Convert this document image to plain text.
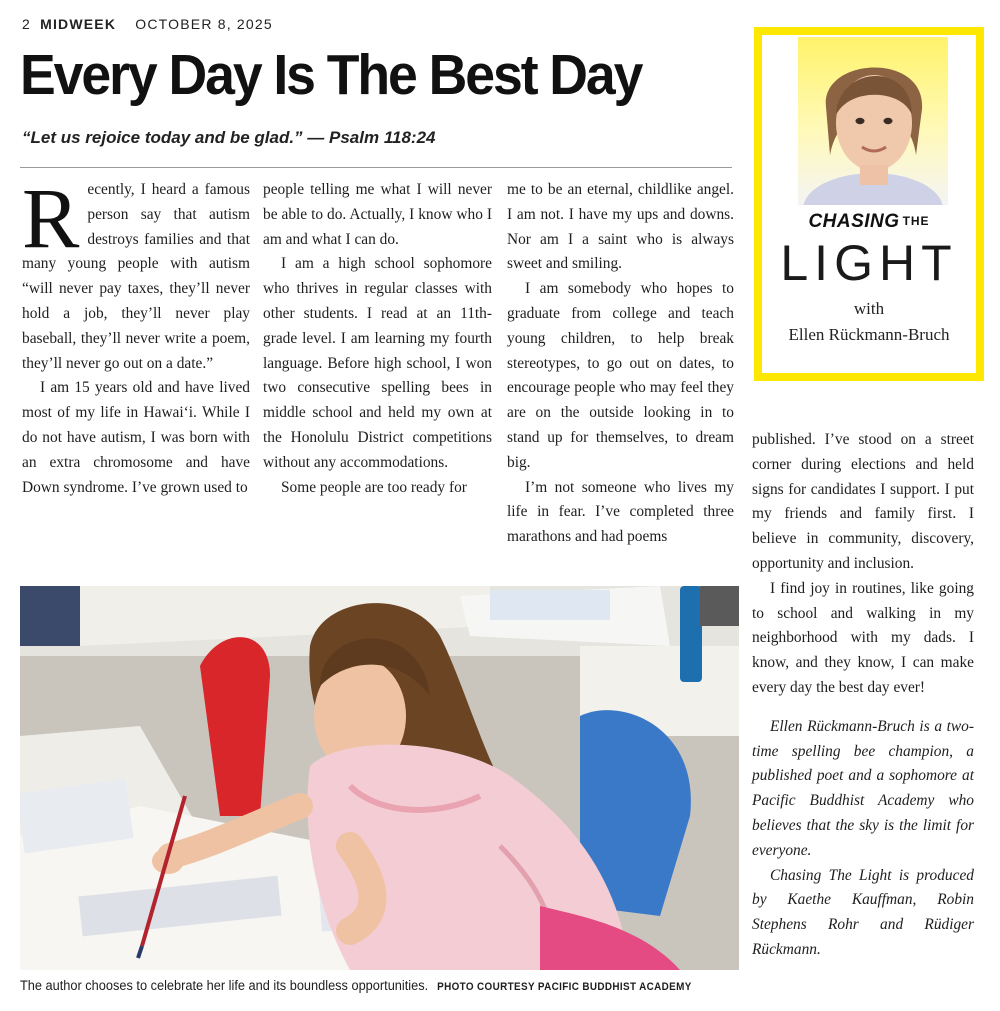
2 MIDWEEK OCTOBER 8, 2025
Every Day Is The Best Day
“Let us rejoice today and be glad.” — Psalm 118:24

Recently, I heard a famous person say that autism destroys families and that many young people with autism “will never pay taxes, they’ll never hold a job, they’ll never play baseball, they’ll never write a poem, they’ll never go out on a date.”

I am 15 years old and have lived most of my life in Hawai‘i. While I do not have autism, I was born with an extra chromosome and have Down syndrome. I’ve grown used to

people telling me what I will never be able to do. Actually, I know who I am and what I can do.

I am a high school sophomore who thrives in regular classes with other students. I read at an 11th-grade level. I am learning my fourth language. Before high school, I won two consecutive spelling bees in middle school and held my own at the Honolulu District competitions without any accommodations.

Some people are too ready for

me to be an eternal, childlike angel. I am not. I have my ups and downs. Nor am I a saint who is always sweet and smiling.

I am somebody who hopes to graduate from college and teach young children, to help break stereotypes, to go out on dates, to encourage people who may feel they are on the outside looking in to stand up for themselves, to dream big.

I’m not someone who lives my life in fear. I’ve completed three marathons and had poems

published. I’ve stood on a street corner during elections and held signs for candidates I support. I put my friends and family first. I believe in community, discovery, opportunity and inclusion.

I find joy in routines, like going to school and walking in my neighborhood with my dads. I know, and they know, I can make every day the best day ever!

Ellen Rückmann-Bruch is a two-time spelling bee champion, a published poet and a sophomore at Pacific Buddhist Academy who believes that the sky is the limit for everyone.

Chasing The Light is produced by Kaethe Kauffman, Robin Stephens Rohr and Rüdiger Rückmann.

CHASING THE
LIGHT
with
Ellen Rückmann-Bruch
The author chooses to celebrate her life and its boundless opportunities. PHOTO COURTESY PACIFIC BUDDHIST ACADEMY
